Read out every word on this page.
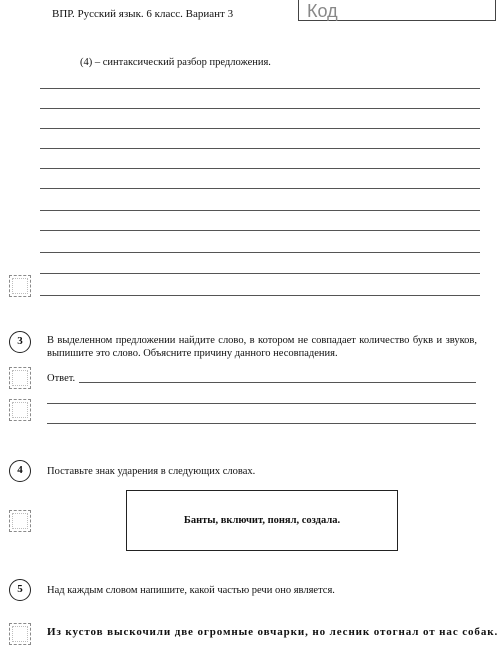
ВПР. Русский язык. 6 класс. Вариант 3	Код
(4) – синтаксический разбор предложения.
3	В выделенном предложении найдите слово, в котором не совпадает количество букв и звуков, выпишите это слово. Объясните причину данного несовпадения.
Ответ.
4	Поставьте знак ударения в следующих словах.
Банты, включит, понял, создала.
5	Над каждым словом напишите, какой частью речи оно является.
Из кустов выскочили две огромные овчарки, но лесник отогнал от нас собак.
